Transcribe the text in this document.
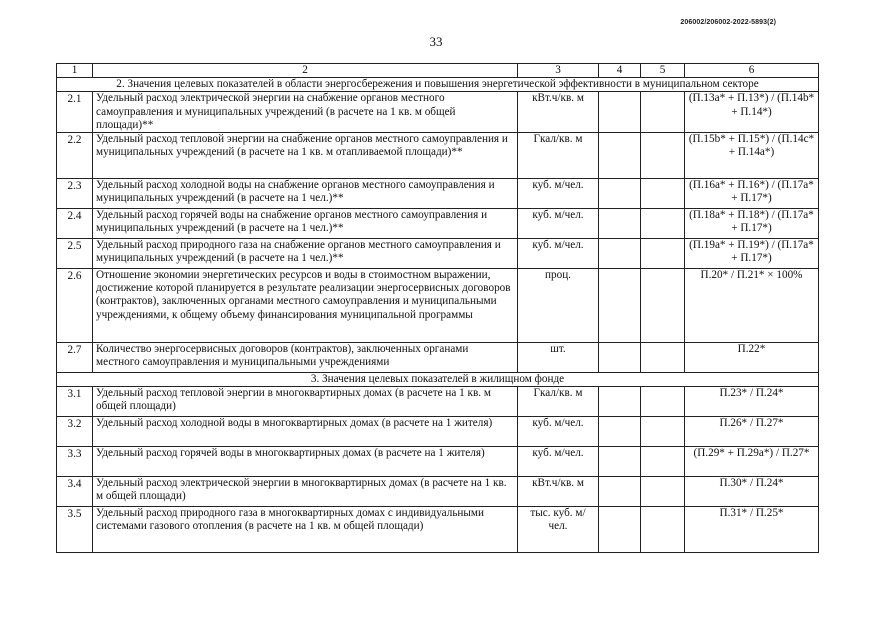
206002/206002-2022-5893(2)
33
1	2	3	4	5	6
2. Значения целевых показателей в области энергосбережения и повышения энергетической эффективности в муниципальном секторе					
2.1	Удельный расход электрической энергии на снабжение органов местного самоуправления и муниципальных учреждений (в расчете на 1 кв. м общей площади)**	кВт.ч/кв. м			(П.13а* + П.13*) / (П.14b* + П.14*)
2.2	Удельный расход тепловой энергии на снабжение органов местного самоуправления и муниципальных учреждений (в расчете на 1 кв. м отапливаемой площади)**	Гкал/кв. м			(П.15b* + П.15*) / (П.14с* + П.14а*)
2.3	Удельный расход холодной воды на снабжение органов местного самоуправления и муниципальных учреждений (в расчете на 1 чел.)**	куб. м/чел.			(П.16а* + П.16*) / (П.17а* + П.17*)
2.4	Удельный расход горячей воды на снабжение органов местного самоуправления и муниципальных учреждений (в расчете на 1 чел.)**	куб. м/чел.			(П.18а* + П.18*) / (П.17а* + П.17*)
2.5	Удельный расход природного газа на снабжение органов местного самоуправления и муниципальных учреждений (в расчете на 1 чел.)**	куб. м/чел.			(П.19а* + П.19*) / (П.17а* + П.17*)
2.6	Отношение экономии энергетических ресурсов и воды в стоимостном выражении, достижение которой планируется в результате реализации энергосервисных договоров (контрактов), заключенных органами местного самоуправления и муниципальными учреждениями, к общему объему финансирования муниципальной программы	проц.			П.20* / П.21* × 100%
2.7	Количество энергосервисных договоров (контрактов), заключенных органами местного самоуправления и муниципальными учреждениями	шт.			П.22*
3. Значения целевых показателей в жилищном фонде					
3.1	Удельный расход тепловой энергии в многоквартирных домах (в расчете на 1 кв. м общей площади)	Гкал/кв. м			П.23* / П.24*
3.2	Удельный расход холодной воды в многоквартирных домах (в расчете на 1 жителя)	куб. м/чел.			П.26* / П.27*
3.3	Удельный расход горячей воды в многоквартирных домах (в расчете на 1 жителя)	куб. м/чел.			(П.29* + П.29а*) / П.27*
3.4	Удельный расход электрической энергии в многоквартирных домах (в расчете на 1 кв. м общей площади)	кВт.ч/кв. м			П.30* / П.24*
3.5	Удельный расход природного газа в многоквартирных домах с индивидуальными системами газового отопления (в расчете на 1 кв. м общей площади)	тыс. куб. м/ чел.			П.31* / П.25*
